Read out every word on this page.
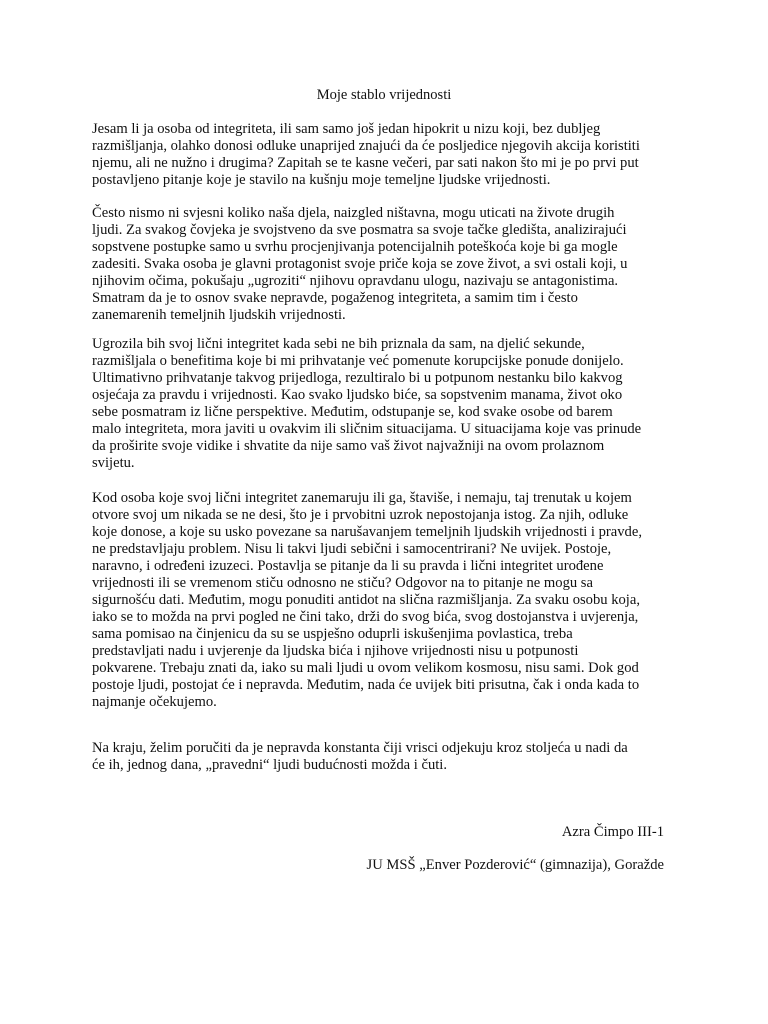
Moje stablo vrijednosti
Jesam li ja osoba od integriteta, ili sam samo još jedan hipokrit u nizu koji, bez dubljeg
razmišljanja, olahko donosi odluke unaprijed znajući da će posljedice njegovih akcija koristiti
njemu, ali ne nužno i drugima? Zapitah se te kasne večeri, par sati nakon što mi je po prvi put
postavljeno pitanje koje je stavilo na kušnju moje temeljne ljudske vrijednosti.
Često nismo ni svjesni koliko naša djela, naizgled ništavna, mogu uticati na živote drugih
ljudi. Za svakog čovjeka je svojstveno da sve posmatra sa svoje tačke gledišta, analizirajući
sopstvene postupke samo u svrhu procjenjivanja potencijalnih poteškoća koje bi ga mogle
zadesiti. Svaka osoba je glavni protagonist svoje priče koja se zove život, a svi ostali koji, u
njihovim očima, pokušaju „ugroziti“ njihovu opravdanu ulogu, nazivaju se antagonistima.
Smatram da je to osnov svake nepravde, pogaženog integriteta, a samim tim i često
zanemarenih temeljnih ljudskih vrijednosti.
Ugrozila bih svoj lični integritet kada sebi ne bih priznala da sam, na djelić sekunde,
razmišljala o benefitima koje bi mi prihvatanje već pomenute korupcijske ponude donijelo.
Ultimativno prihvatanje takvog prijedloga, rezultiralo bi u potpunom nestanku bilo kakvog
osjećaja za pravdu i vrijednosti. Kao svako ljudsko biće, sa sopstvenim manama, život oko
sebe posmatram iz lične perspektive. Međutim, odstupanje se, kod svake osobe od barem
malo integriteta, mora javiti u ovakvim ili sličnim situacijama. U situacijama koje vas prinude
da proširite svoje vidike i shvatite da nije samo vaš život najvažniji na ovom prolaznom
svijetu.
Kod osoba koje svoj lični integritet zanemaruju ili ga, štaviše, i nemaju, taj trenutak u kojem
otvore svoj um nikada se ne desi, što je i prvobitni uzrok nepostojanja istog. Za njih, odluke
koje donose, a koje su usko povezane sa narušavanjem temeljnih ljudskih vrijednosti i pravde,
ne predstavljaju problem. Nisu li takvi ljudi sebični i samocentrirani? Ne uvijek. Postoje,
naravno, i određeni izuzeci. Postavlja se pitanje da li su pravda i lični integritet urođene
vrijednosti ili se vremenom stiču odnosno ne stiču? Odgovor na to pitanje ne mogu sa
sigurnošću dati. Međutim, mogu ponuditi antidot na slična razmišljanja. Za svaku osobu koja,
iako se to možda na prvi pogled ne čini tako, drži do svog bića, svog dostojanstva i uvjerenja,
sama pomisao na činjenicu da su se uspješno oduprli iskušenjima povlastica, treba
predstavljati nadu i uvjerenje da ljudska bića i njihove vrijednosti nisu u potpunosti
pokvarene. Trebaju znati da, iako su mali ljudi u ovom velikom kosmosu, nisu sami. Dok god
postoje ljudi, postojat će i nepravda. Međutim, nada će uvijek biti prisutna, čak i onda kada to
najmanje očekujemo.
Na kraju, želim poručiti da je nepravda konstanta čiji vrisci odjekuju kroz stoljeća u nadi da
će ih, jednog dana, „pravedni“ ljudi budućnosti možda i čuti.
Azra Čimpo III-1
JU MSŠ „Enver Pozderović“ (gimnazija), Goražde
